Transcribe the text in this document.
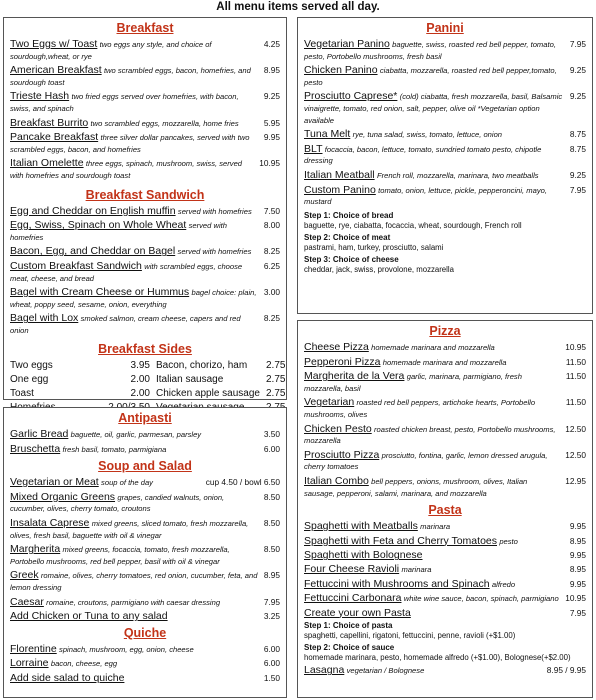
All menu items served all day.
Breakfast
Two Eggs w/ Toast two eggs any style, and choice of sourdough,wheat, or rye
4.25
American Breakfast two scrambled eggs, bacon, homefries, and sourdough toast
8.95
Trieste Hash two fried eggs served over homefries, with bacon, swiss, and spinach
9.25
Breakfast Burrito two scrambled eggs, mozzarella, home fries	5.95
Pancake Breakfast three silver dollar pancakes, served with two scrambled eggs, bacon, and homefries
9.95
Italian Omelette three eggs, spinach, mushroom, swiss, served with homefries and sourdough toast
10.95
Breakfast Sandwich
Egg and Cheddar on English muffin served with homefries	7.50
Egg, Swiss, Spinach on Whole Wheat served with homefries
8.00
Bacon, Egg, and Cheddar on Bagel served with homefries	8.25
Custom Breakfast Sandwich with scrambled eggs, choose meat, cheese, and bread
6.25
Bagel with Cream Cheese or Hummus bagel choice: plain, wheat, poppy seed, sesame, onion, everything
3.00
Bagel with Lox smoked salmon, cream cheese, capers and red onion
8.25
Breakfast Sides
Two eggs	3.95 Bacon, chorizo, ham	2.75
One egg	2.00 Italian sausage	2.75
Toast	2.00 Chicken apple sausage 2.75
Antipasti
Garlic Bread baguette, oil, garlic, parmesan, parsley	3.50
Bruschetta fresh basil, tomato, parmigiana	6.00
Soup and Salad
Vegetarian or Meat soup of the day	cup 4.50 / bowl 6.50
Mixed Organic Greens grapes, candied walnuts, onion, cucumber, olives, cherry tomato, croutons
8.50
Insalata Caprese mixed greens, sliced tomato, fresh mozzarella, olives, fresh basil, baguette with oil & vinegar
8.50
Margherita mixed greens, focaccia, tomato, fresh mozzarella, Portobello mushrooms, red bell pepper, basil with oil & vinegar
8.50
Greek romaine, olives, cherry tomatoes, red onion, cucumber, feta, and lemon dressing
8.95
Caesar romaine, croutons, parmigiano with caesar dressing	7.95
Add Chicken or Tuna to any salad	3.25
Quiche
Florentine spinach, mushroom, egg, onion, cheese	6.00
Lorraine bacon, cheese, egg	6.00
Add side salad to quiche	1.50
Panini
Vegetarian Panino baguette, swiss, roasted red bell pepper, tomato, pesto, Portobello mushrooms, fresh basil
7.95
Chicken Panino ciabatta, mozzarella, roasted red bell pepper,tomato, pesto
9.25
Prosciutto Caprese* (cold) ciabatta, fresh mozzarella, basil, Balsamic vinaigrette, tomato, red onion, salt, pepper, olive oil *Vegetarian option available
9.25
Tuna Melt rye, tuna salad, swiss, tomato, lettuce, onion	8.75
BLT focaccia, bacon, lettuce, tomato, sundried tomato pesto, chipotle dressing
8.75
Italian Meatball French roll, mozzarella, marinara, two meatballs	9.25
Custom Panino tomato, onion, lettuce, pickle, pepperoncini, mayo, mustard
7.95
Step 1: Choice of bread
baguette, rye, ciabatta, focaccia, wheat, sourdough, French roll
Step 2: Choice of meat
pastrami, ham, turkey, prosciutto, salami
Step 3: Choice of cheese
cheddar, jack, swiss, provolone, mozzarella
Pizza
Cheese Pizza homemade marinara and mozzarella	10.95
Pepperoni Pizza homemade marinara and mozzarella	11.50
Margherita de la Vera garlic, marinara, parmigiano, fresh mozzarella, basil
11.50
Vegetarian roasted red bell peppers, artichoke hearts, Portobello mushrooms, olives
11.50
Chicken Pesto roasted chicken breast, pesto, Portobello mushrooms, mozzarella
12.50
Prosciutto Pizza prosciutto, fontina, garlic, lemon dressed arugula, cherry tomatoes
12.50
Italian Combo bell peppers, onions, mushroom, olives, Italian sausage, pepperoni, salami, marinara, and mozzarella
12.95
Pasta
Spaghetti with Meatballs marinara	9.95
Spaghetti with Feta and Cherry Tomatoes pesto	8.95
Spaghetti with Bolognese	9.95
Four Cheese Ravioli marinara	8.95
Fettuccini with Mushrooms and Spinach alfredo	9.95
Fettuccini Carbonara white wine sauce, bacon, spinach, parmigiano 10.95
Create your own Pasta	7.95
Step 1: Choice of pasta
spaghetti, capellini, rigatoni, fettuccini, penne, ravioli (+$1.00)
Step 2: Choice of sauce
homemade marinara, pesto, homemade alfredo (+$1.00), Bolognese(+$2.00)
Lasagna vegetarian / Bolognese	8.95 / 9.95
